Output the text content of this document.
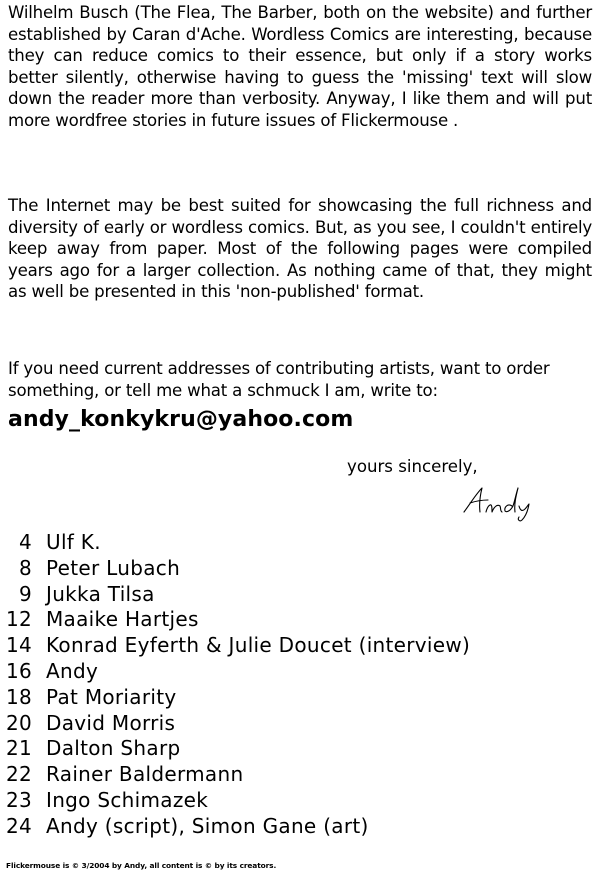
Wilhelm Busch (The Flea, The Barber, both on the website) and further established by Caran d'Ache. Wordless Comics are interesting, because they can reduce comics to their essence, but only if a story works better silently, otherwise having to guess the 'missing' text will slow down the reader more than verbosity. Anyway, I like them and will put more wordfree stories in future issues of Flickermouse .

The Internet may be best suited for showcasing the full richness and diversity of early or wordless comics. But, as you see, I couldn't entirely keep away from paper. Most of the following pages were compiled years ago for a larger collection. As nothing came of that, they might as well be presented in this 'non-published' format.

If you need current addresses of contributing artists, want to order something, or tell me what a schmuck I am, write to:

andy_konkykru@yahoo.com
yours sincerely,
4 Ulf K.
8 Peter Lubach
9 Jukka Tilsa
12 Maaike Hartjes
14 Konrad Eyferth & Julie Doucet (interview)
16 Andy
18 Pat Moriarity
20 David Morris
21 Dalton Sharp
22 Rainer Baldermann
23 Ingo Schimazek
24 Andy (script), Simon Gane (art)
Flickermouse is © 3/2004 by Andy, all content is © by its creators.
